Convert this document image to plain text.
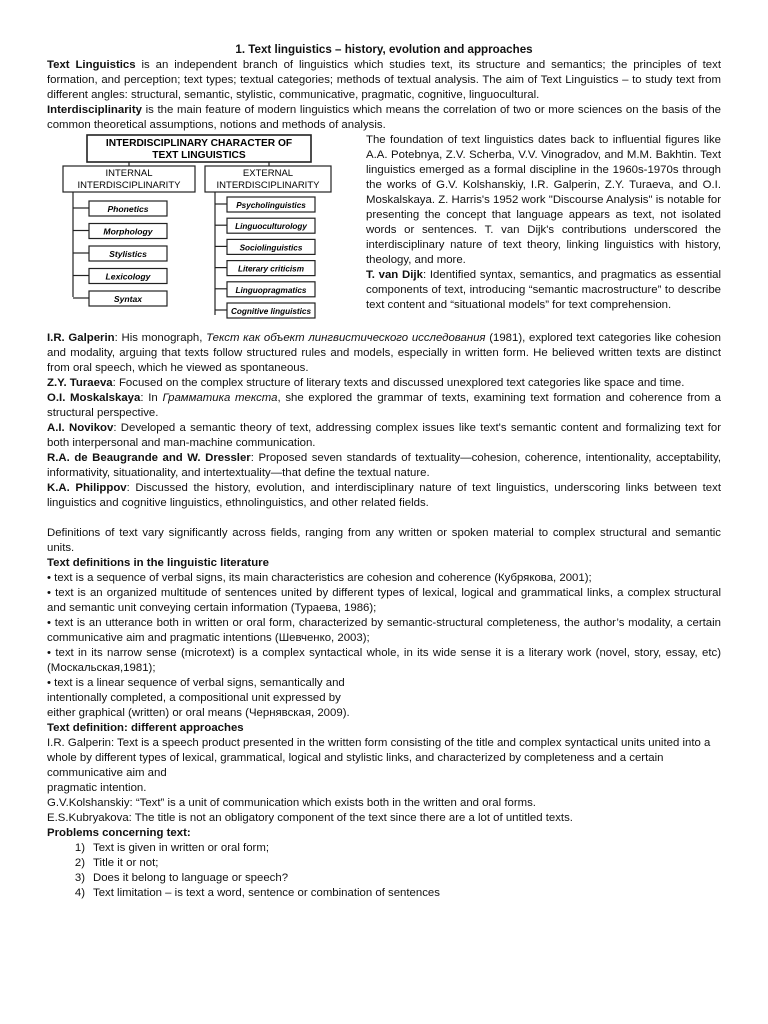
1. Text linguistics – history, evolution and approaches

Text Linguistics is an independent branch of linguistics which studies text, its structure and semantics; the principles of text formation, and perception; text types; textual categories; methods of textual analysis. The aim of Text Linguistics – to study text from different angles: structural, semantic, stylistic, communicative, pragmatic, cognitive, linguocultural.

Interdisciplinarity is the main feature of modern linguistics which means the correlation of two or more sciences on the basis of the common theoretical assumptions, notions and methods of analysis.

INTERDISCIPLINARY CHARACTER OF
TEXT LINGUISTICS
INTERNAL
INTERDISCIPLINARITY
EXTERNAL
INTERDISCIPLINARITY
Phonetics
Morphology
Stylistics
Lexicology
Syntax
Psycholinguistics
Linguoculturology
Sociolinguistics
Literary criticism
Linguopragmatics
Cognitive linguistics

The foundation of text linguistics dates back to influential figures like A.A. Potebnya, Z.V. Scherba, V.V. Vinogradov, and M.M. Bakhtin. Text linguistics emerged as a formal discipline in the 1960s-1970s through the works of G.V. Kolshanskiy, I.R. Galperin, Z.Y. Turaeva, and O.I. Moskalskaya. Z. Harris's 1952 work "Discourse Analysis" is notable for presenting the concept that language appears as text, not isolated words or sentences. T. van Dijk's contributions underscored the interdisciplinary nature of text theory, linking linguistics with history, theology, and more.

T. van Dijk: Identified syntax, semantics, and pragmatics as essential components of text, introducing “semantic macrostructure” to describe text content and “situational models” for text comprehension.

I.R. Galperin: His monograph, Текст как объект лингвистического исследования (1981), explored text categories like cohesion and modality, arguing that texts follow structured rules and models, especially in written form. He believed written texts are distinct from oral speech, which he viewed as spontaneous.

Z.Y. Turaeva: Focused on the complex structure of literary texts and discussed unexplored text categories like space and time.

O.I. Moskalskaya: In Грамматика текста, she explored the grammar of texts, examining text formation and coherence from a structural perspective.

A.I. Novikov: Developed a semantic theory of text, addressing complex issues like text's semantic content and formalizing text for both interpersonal and man-machine communication.

R.A. de Beaugrande and W. Dressler: Proposed seven standards of textuality—cohesion, coherence, intentionality, acceptability, informativity, situationality, and intertextuality—that define the textual nature.

K.A. Philippov: Discussed the history, evolution, and interdisciplinary nature of text linguistics, underscoring links between text linguistics and cognitive linguistics, ethnolinguistics, and other related fields.

Definitions of text vary significantly across fields, ranging from any written or spoken material to complex structural and semantic units.

Text definitions in the linguistic literature

• text is a sequence of verbal signs, its main characteristics are cohesion and coherence (Кубрякова, 2001);

• text is an organized multitude of sentences united by different types of lexical, logical and grammatical links, a complex structural and semantic unit conveying certain information (Тураева, 1986);

• text is an utterance both in written or oral form, characterized by semantic-structural completeness, the author’s modality, a certain communicative aim and pragmatic intentions (Шевченко, 2003);

• text in its narrow sense (microtext) is a complex syntactical whole, in its wide sense it is a literary work (novel, story, essay, etc) (Москальская,1981);

• text is a linear sequence of verbal signs, semantically and

intentionally completed, a compositional unit expressed by

either graphical (written) or oral means (Чернявская, 2009).

Text definition: different approaches

I.R. Galperin: Text is a speech product presented in the written form consisting of the title and complex syntactical units united into a whole by different types of lexical, grammatical, logical and stylistic links, and characterized by completeness and a certain communicative aim and

pragmatic intention.

G.V.Kolshanskiy: “Text” is a unit of communication which exists both in the written and oral forms.

E.S.Kubryakova: The title is not an obligatory component of the text since there are a lot of untitled texts.

Problems concerning text:

1) Text is given in written or oral form;
2) Title it or not;
3) Does it belong to language or speech?
4) Text limitation – is text a word, sentence or combination of sentences
